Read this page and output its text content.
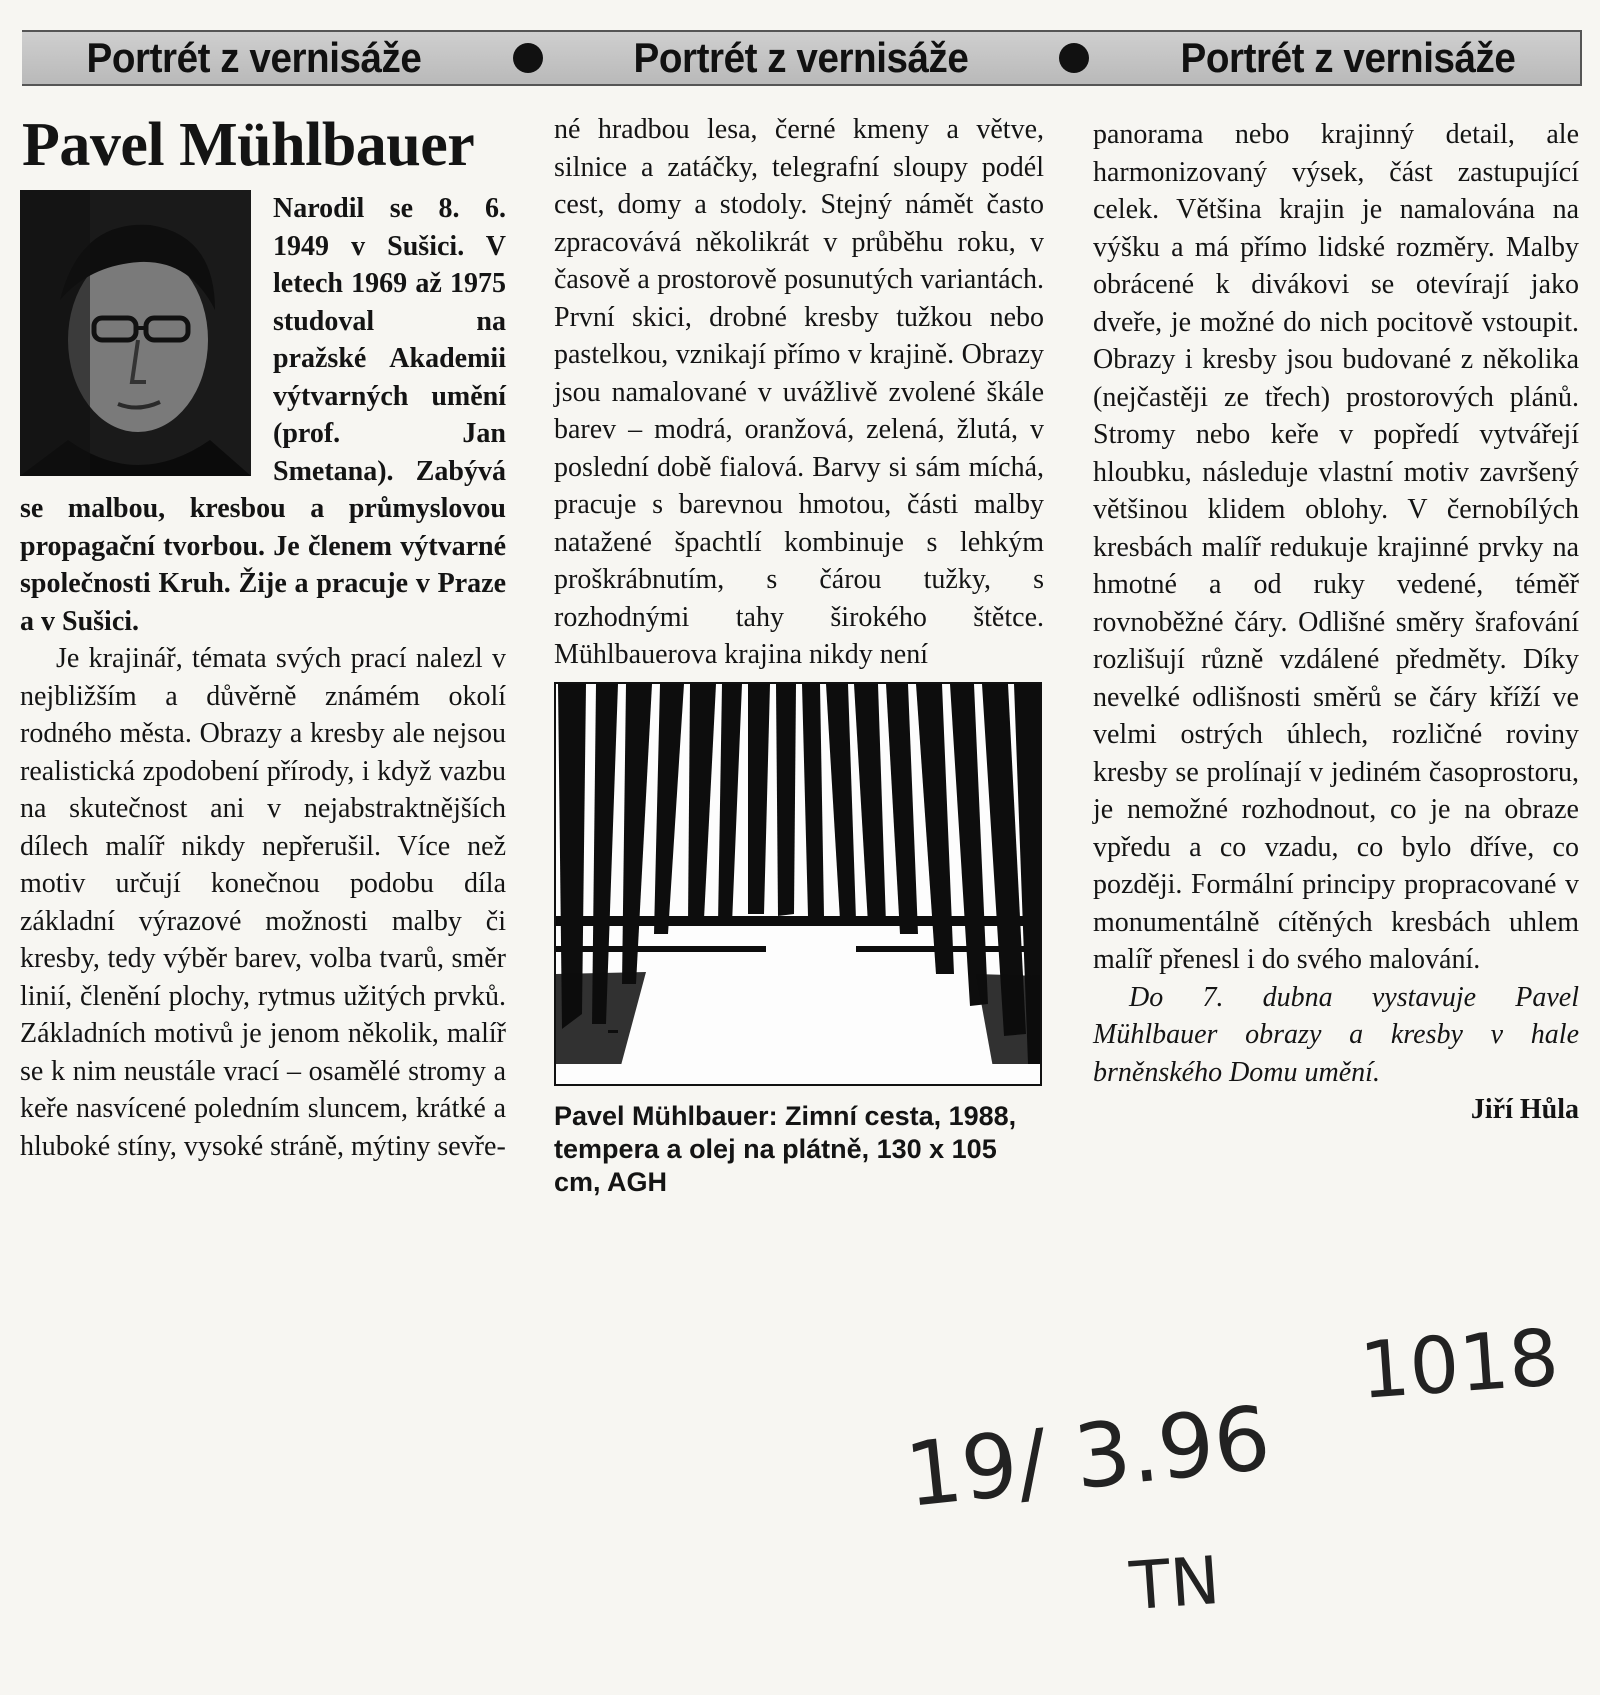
Portrét z vernisáže	Portrét z vernisáže	Portrét z vernisáže
Pavel Mühlbauer

Narodil se 8. 6. 1949 v Sušici. V letech 1969 až 1975 studoval na pražské Akademii výtvarných umění (prof. Jan Smetana). Zabývá se malbou, kresbou a průmyslovou propagační tvorbou. Je členem výtvarné společnosti Kruh. Žije a pracuje v Praze a v Sušici.

Je krajinář, témata svých prací nalezl v nejbližším a důvěrně známém okolí rodného města. Obrazy a kresby ale nejsou realistická zpodobení přírody, i když vazbu na skutečnost ani v nejabstraktnějších dílech malíř nikdy nepřerušil. Více než motiv určují konečnou podobu díla základní výrazové možnosti malby či kresby, tedy výběr barev, volba tvarů, směr linií, členění plochy, rytmus užitých prvků. Základních motivů je jenom několik, malíř se k nim neustále vrací – osamělé stromy a keře nasvícené poledním sluncem, krátké a hluboké stíny, vysoké stráně, mýtiny sevře-

né hradbou lesa, černé kmeny a větve, silnice a zatáčky, telegrafní sloupy podél cest, domy a stodoly. Stejný námět často zpracovává několikrát v průběhu roku, v časově a prostorově posunutých variantách. První skici, drobné kresby tužkou nebo pastelkou, vznikají přímo v krajině. Obrazy jsou namalované v uvážlivě zvolené škále barev – modrá, oranžová, zelená, žlutá, v poslední době fialová. Barvy si sám míchá, pracuje s barevnou hmotou, části malby natažené špachtlí kombinuje s lehkým proškrábnutím, s čárou tužky, s rozhodnými tahy širokého štětce. Mühlbauerova krajina nikdy není

Pavel Mühlbauer: Zimní cesta, 1988, tempera a olej na plátně, 130 x 105 cm, AGH

panorama nebo krajinný detail, ale harmonizovaný výsek, část zastupující celek. Většina krajin je namalována na výšku a má přímo lidské rozměry. Malby obrácené k divákovi se otevírají jako dveře, je možné do nich pocitově vstoupit. Obrazy i kresby jsou budované z několika (nejčastěji ze třech) prostorových plánů. Stromy nebo keře v popředí vytvářejí hloubku, následuje vlastní motiv završený většinou klidem oblohy. V černobílých kresbách malíř redukuje krajinné prvky na hmotné a od ruky vedené, téměř rovnoběžné čáry. Odlišné směry šrafování rozlišují různě vzdálené předměty. Díky nevelké odlišnosti směrů se čáry kříží ve velmi ostrých úhlech, rozličné roviny kresby se prolínají v jediném časoprostoru, je nemožné rozhodnout, co je na obraze vpředu a co vzadu, co bylo dříve, co později. Formální principy propracované v monumentálně cítěných kresbách uhlem malíř přenesl i do svého malování.

Do 7. dubna vystavuje Pavel Mühlbauer obrazy a kresby v hale brněnského Domu umění.

Jiří Hůla

19/ 3.96
TN
1018
